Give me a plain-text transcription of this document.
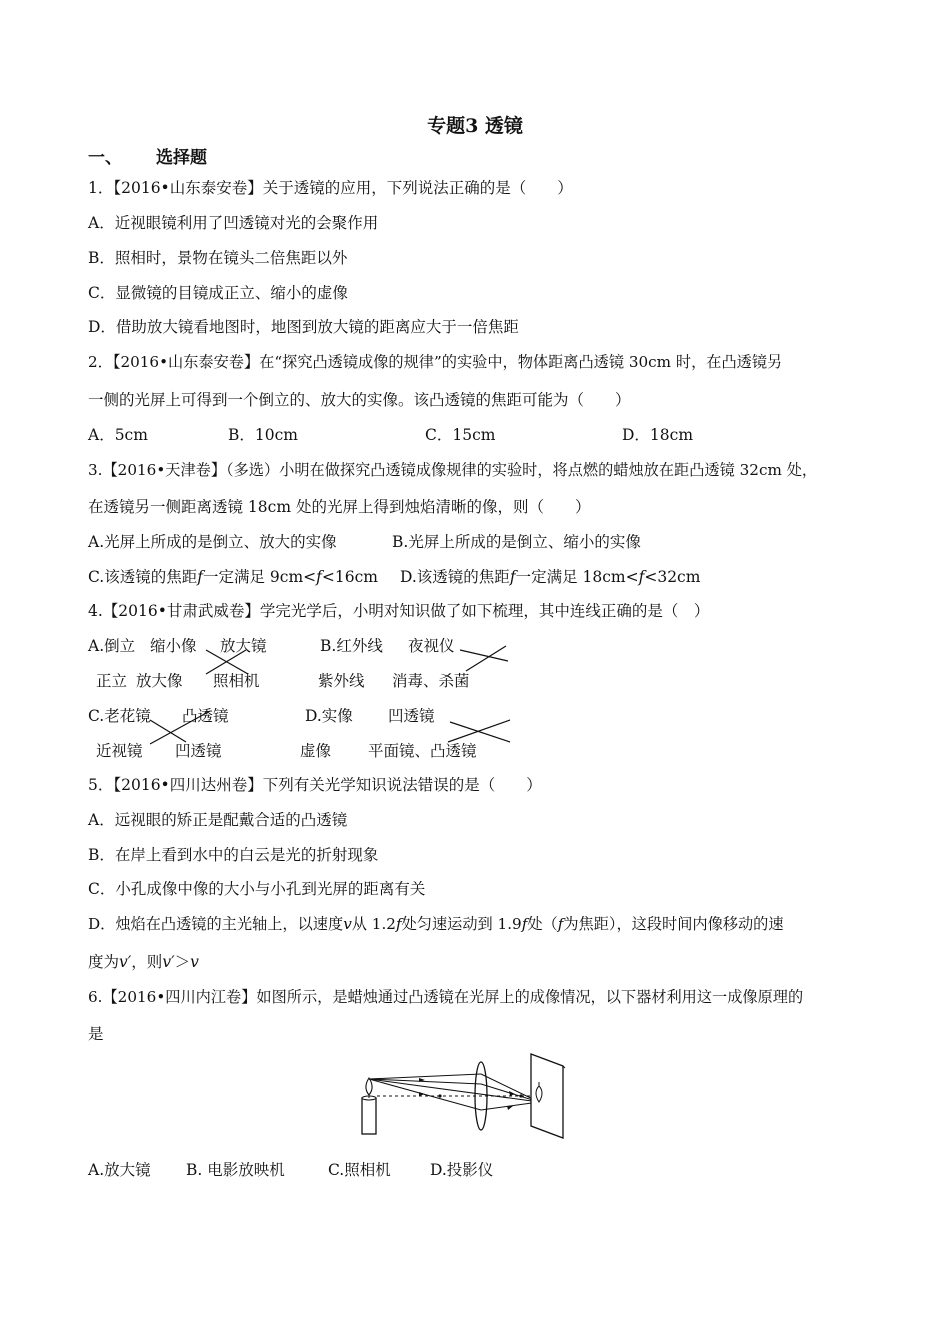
专题3 透镜
一、 选择题
1．【2016•山东泰安卷】关于透镜的应用，下列说法正确的是（　　）
A．近视眼镜利用了凹透镜对光的会聚作用
B．照相时，景物在镜头二倍焦距以外
C．显微镜的目镜成正立、缩小的虚像
D．借助放大镜看地图时，地图到放大镜的距离应大于一倍焦距
2．【2016•山东泰安卷】在“探究凸透镜成像的规律”的实验中，物体距离凸透镜 30cm 时，在凸透镜另
一侧的光屏上可得到一个倒立的、放大的实像。该凸透镜的焦距可能为（　　）
A．5cm	B．10cm	C．15cm	D．18cm
3.【2016•天津卷】（多选）小明在做探究凸透镜成像规律的实验时，将点燃的蜡烛放在距凸透镜 32cm 处，
在透镜另一侧距离透镜 18cm 处的光屏上得到烛焰清晰的像，则（　　）
A.光屏上所成的是倒立、放大的实像	B.光屏上所成的是倒立、缩小的实像
C.该透镜的焦距f一定满足 9cm<f<16cm D.该透镜的焦距f一定满足 18cm<f<32cm
4.【2016•甘肃武威卷】学完光学后，小明对知识做了如下梳理，其中连线正确的是（　）
A.倒立 缩小像 放大镜
正立 放大像 照相机
B.红外线 夜视仪
紫外线 消毒、杀菌
C.老花镜 凸透镜
近视镜 凹透镜
D.实像 凹透镜
虚像 平面镜、凸透镜
5．【2016•四川达州卷】下列有关光学知识说法错误的是（　　）
A．远视眼的矫正是配戴合适的凸透镜
B．在岸上看到水中的白云是光的折射现象
C．小孔成像中像的大小与小孔到光屏的距离有关
D．烛焰在凸透镜的主光轴上，以速度v从 1.2f处匀速运动到 1.9f处（f为焦距），这段时间内像移动的速
度为v′，则v′＞v
6.【2016•四川内江卷】如图所示，是蜡烛通过凸透镜在光屏上的成像情况，以下器材利用这一成像原理的
是
A.放大镜 B. 电影放映机	C.照相机	D.投影仪
